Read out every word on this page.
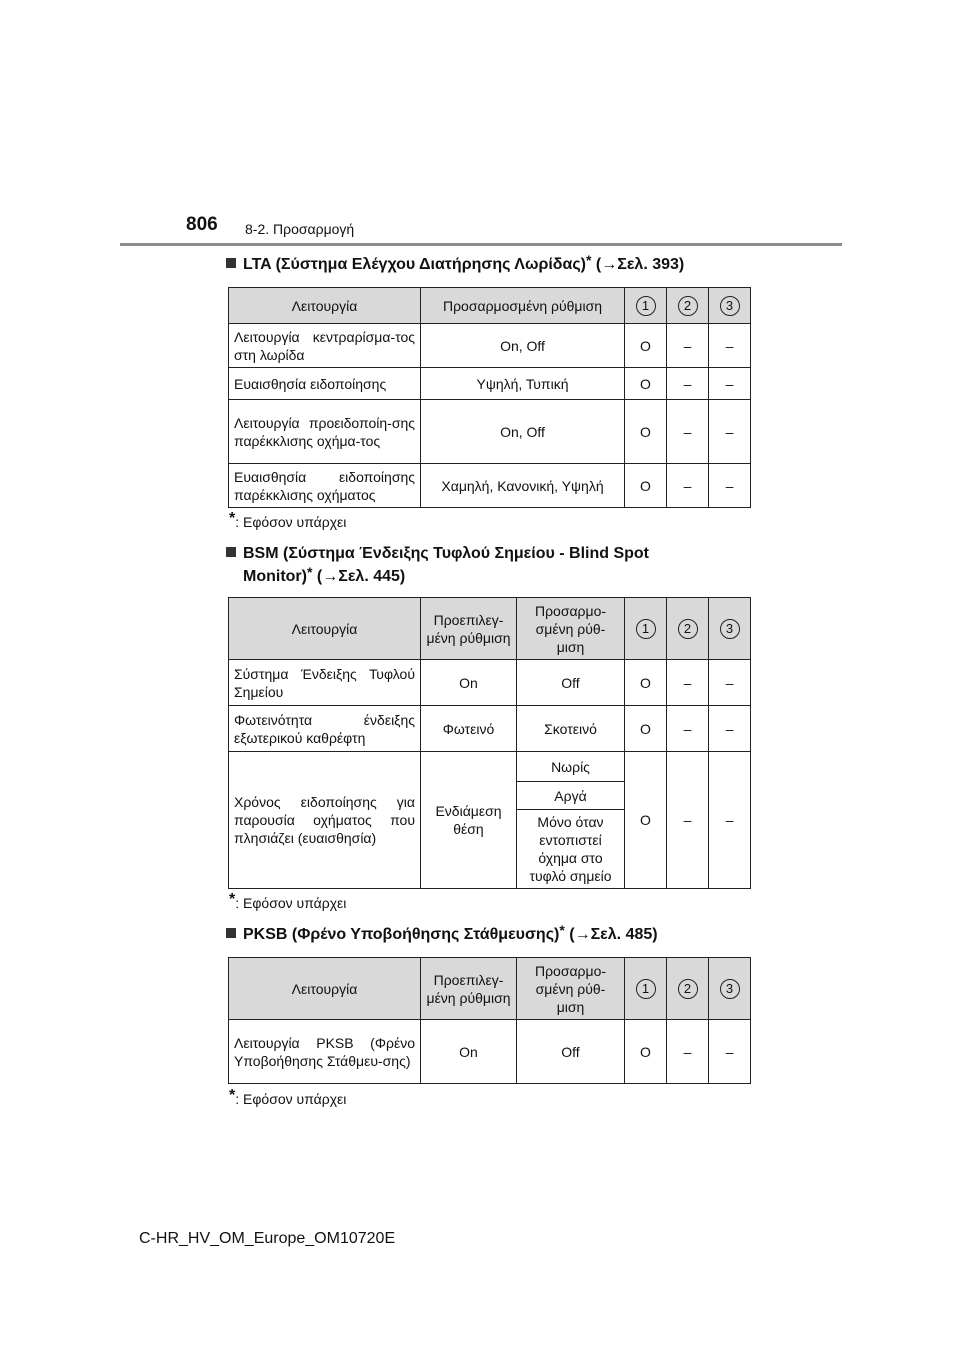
806 8-2. Προσαρμογή
LTA (Σύστημα Ελέγχου Διατήρησης Λωρίδας)* (→Σελ. 393)
Λειτουργία	Προσαρμοσμένη ρύθμιση	1	2	3
Λειτουργία κεντραρίσμα-τος στη λωρίδα	On, Off	O	–	–
Ευαισθησία ειδοποίησης	Υψηλή, Τυπική	O	–	–
Λειτουργία προειδοποίη-σης παρέκκλισης οχήμα-τος	On, Off	O	–	–
Ευαισθησία ειδοποίησης παρέκκλισης οχήματος	Χαμηλή, Κανονική, Υψηλή	O	–	–
*: Εφόσον υπάρχει
BSM (Σύστημα Ένδειξης Τυφλού Σημείου - Blind Spot
Monitor)* (→Σελ. 445)
Λειτουργία	Προεπιλεγ-μένη ρύθμιση	Προσαρμο-σμένη ρύθ-μιση	1	2	3
Σύστημα Ένδειξης Τυφλού Σημείου	On	Off	O	–	–
Φωτεινότητα ένδειξης εξωτερικού καθρέφτη	Φωτεινό	Σκοτεινό	O	–	–
Χρόνος ειδοποίησης για παρουσία οχήματος που πλησιάζει (ευαισθησία)	Ενδιάμεση θέση	Νωρίς	O	–	–
		Αργά			
		Μόνο όταν εντοπιστεί όχημα στο τυφλό σημείο			
*: Εφόσον υπάρχει
PKSB (Φρένο Υποβοήθησης Στάθμευσης)* (→Σελ. 485)
Λειτουργία	Προεπιλεγ-μένη ρύθμιση	Προσαρμο-σμένη ρύθ-μιση	1	2	3
Λειτουργία PKSB (Φρένο Υποβοήθησης Στάθμευ-σης)	On	Off	O	–	–
*: Εφόσον υπάρχει
C-HR_HV_OM_Europe_OM10720E
